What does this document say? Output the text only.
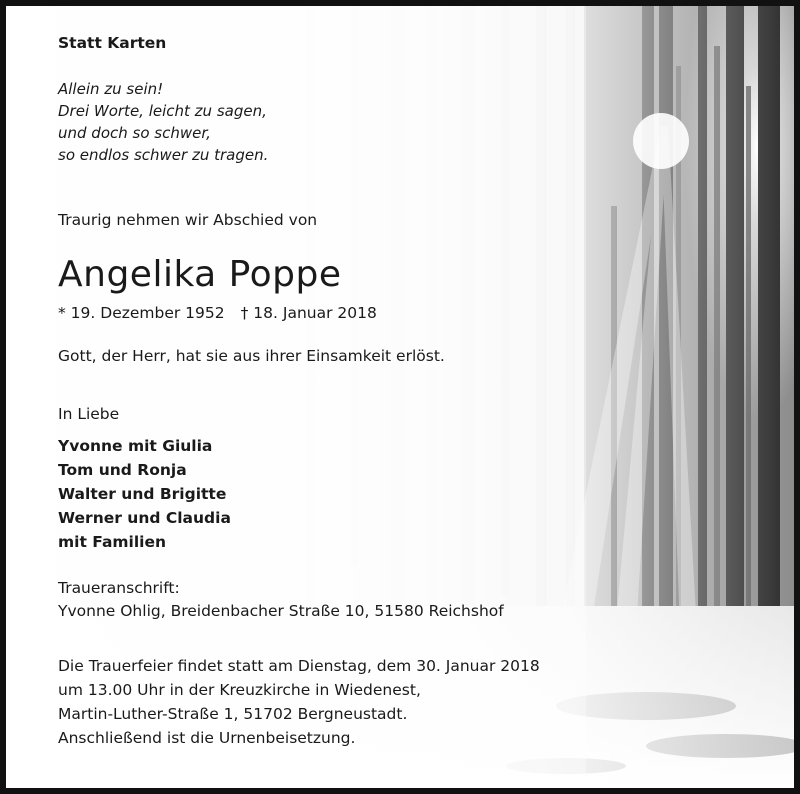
Statt Karten
Allein zu sein!
Drei Worte, leicht zu sagen,
und doch so schwer,
so endlos schwer zu tragen.
Traurig nehmen wir Abschied von
Angelika Poppe
* 19. Dezember 1952 † 18. Januar 2018
Gott, der Herr, hat sie aus ihrer Einsamkeit erlöst.
In Liebe
Yvonne mit Giulia
Tom und Ronja
Walter und Brigitte
Werner und Claudia
mit Familien
Traueranschrift:
Yvonne Ohlig, Breidenbacher Straße 10, 51580 Reichshof
Die Trauerfeier findet statt am Dienstag, dem 30. Januar 2018
um 13.00 Uhr in der Kreuzkirche in Wiedenest,
Martin-Luther-Straße 1, 51702 Bergneustadt.
Anschließend ist die Urnenbeisetzung.
